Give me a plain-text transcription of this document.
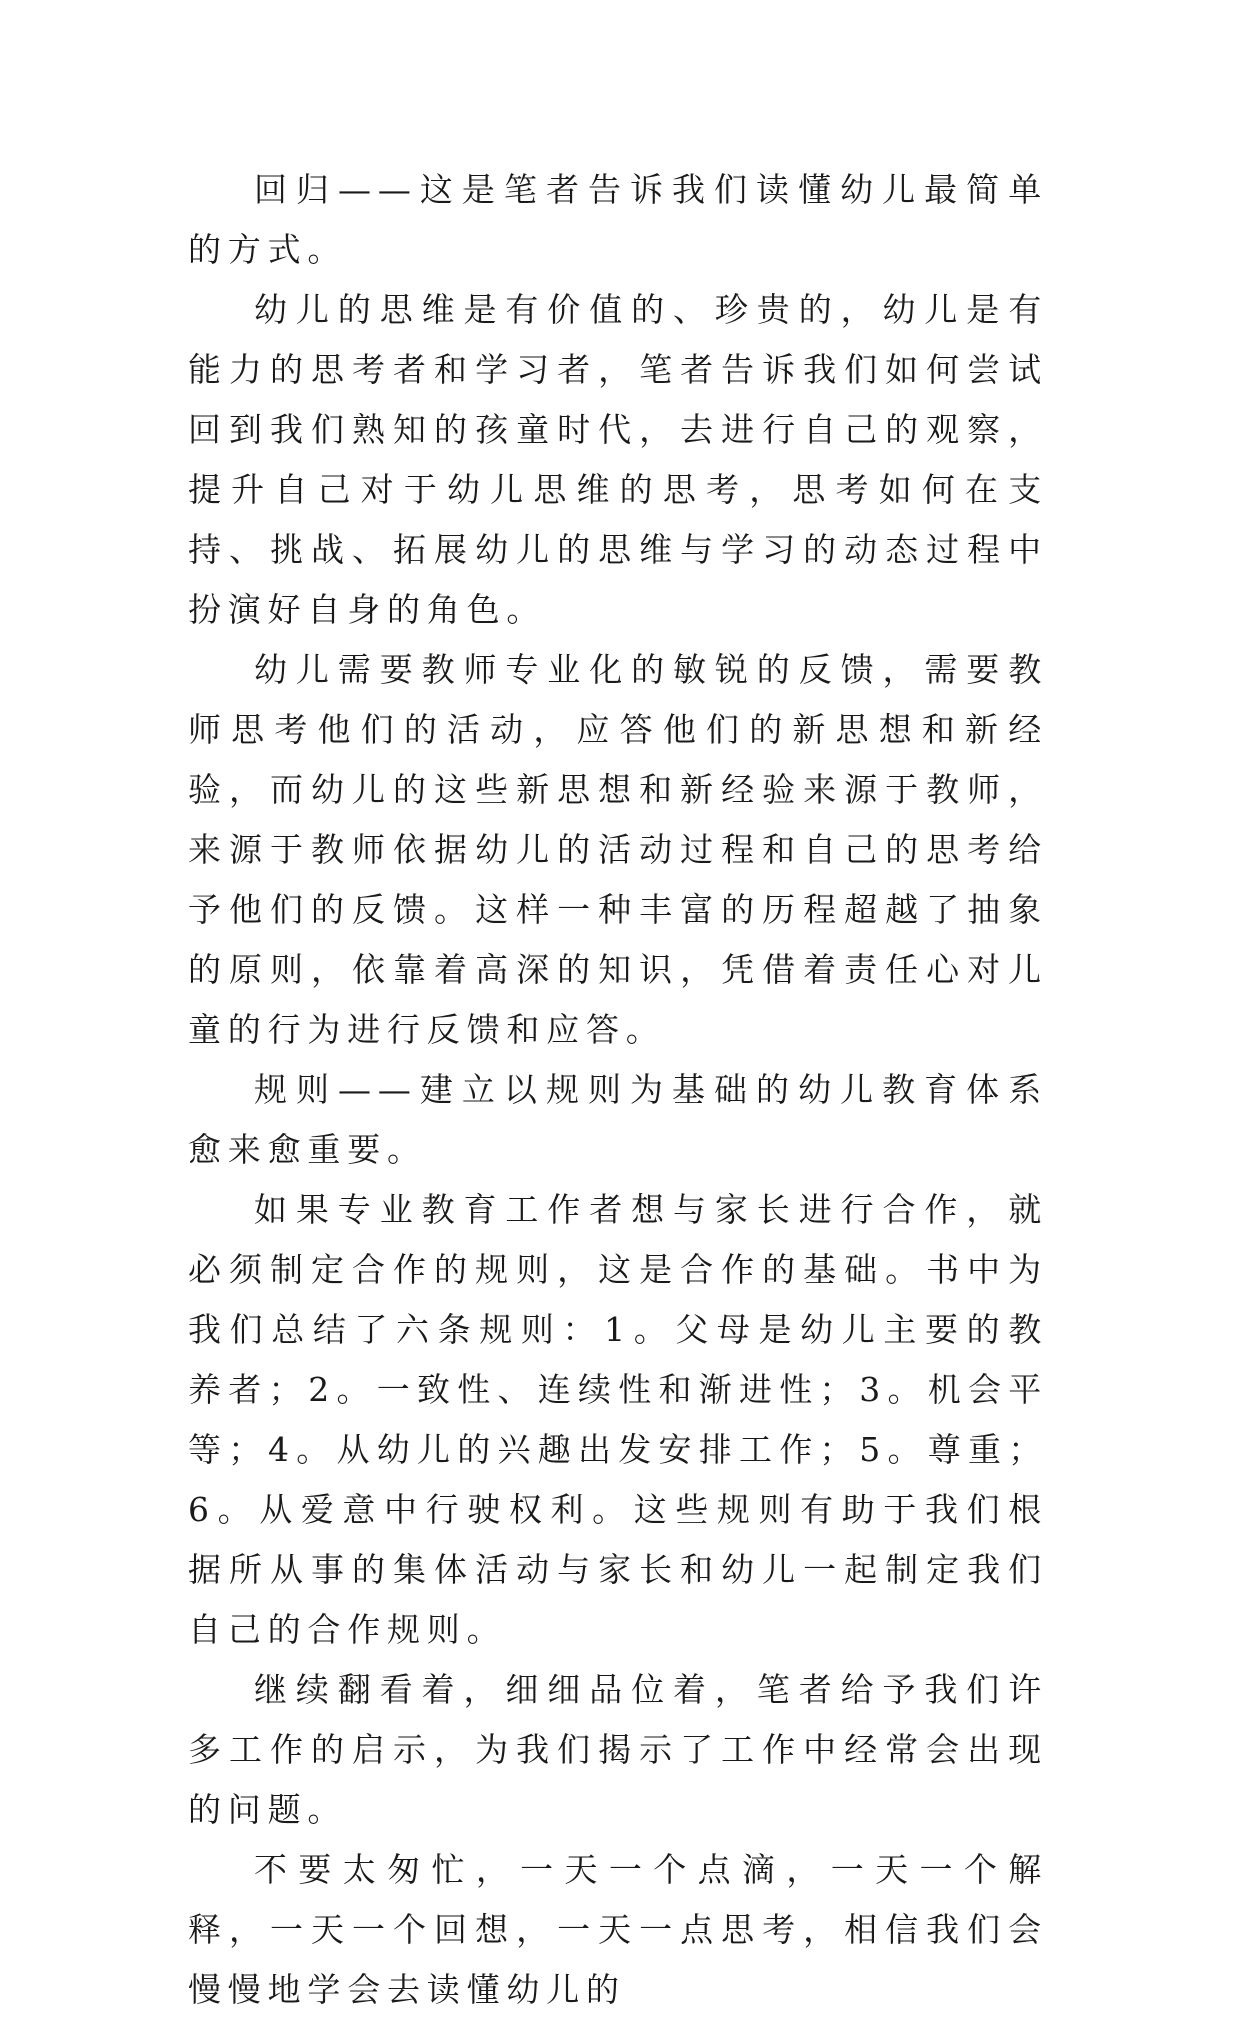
回归——这是笔者告诉我们读懂幼儿最简单的方式。

幼儿的思维是有价值的、珍贵的，幼儿是有能力的思考者和学习者，笔者告诉我们如何尝试回到我们熟知的孩童时代，去进行自己的观察，提升自己对于幼儿思维的思考，思考如何在支持、挑战、拓展幼儿的思维与学习的动态过程中扮演好自身的角色。

幼儿需要教师专业化的敏锐的反馈，需要教师思考他们的活动，应答他们的新思想和新经验，而幼儿的这些新思想和新经验来源于教师，来源于教师依据幼儿的活动过程和自己的思考给予他们的反馈。这样一种丰富的历程超越了抽象的原则，依靠着高深的知识，凭借着责任心对儿童的行为进行反馈和应答。

规则——建立以规则为基础的幼儿教育体系愈来愈重要。

如果专业教育工作者想与家长进行合作，就必须制定合作的规则，这是合作的基础。书中为我们总结了六条规则：1。父母是幼儿主要的教养者；2。一致性、连续性和渐进性；3。机会平等；4。从幼儿的兴趣出发安排工作；5。尊重；6。从爱意中行驶权利。这些规则有助于我们根据所从事的集体活动与家长和幼儿一起制定我们自己的合作规则。

继续翻看着，细细品位着，笔者给予我们许多工作的启示，为我们揭示了工作中经常会出现的问题。

不要太匆忙，一天一个点滴，一天一个解释，一天一个回想，一天一点思考，相信我们会慢慢地学会去读懂幼儿的
